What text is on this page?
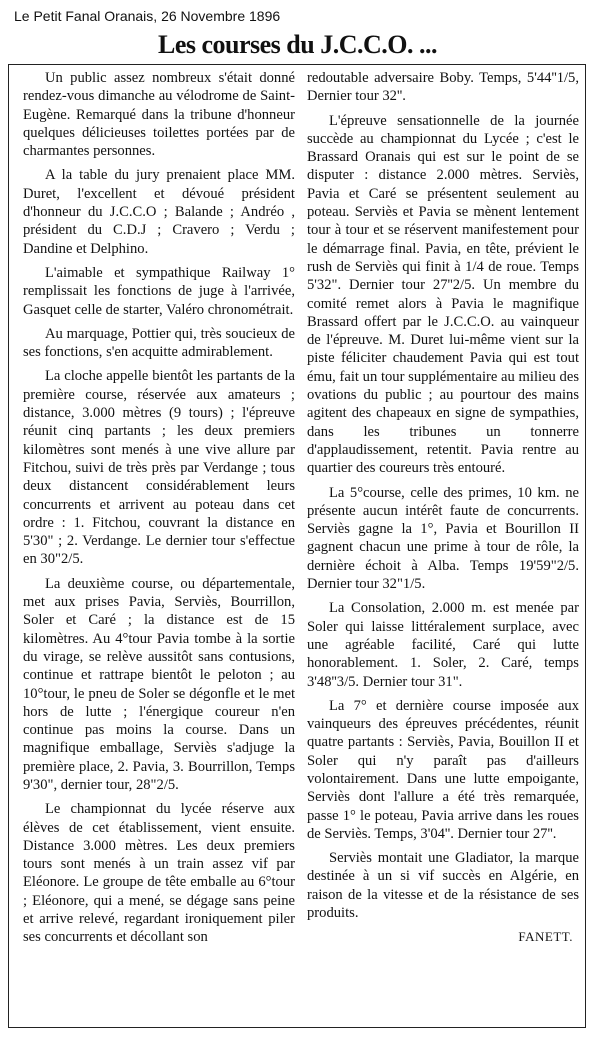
Le Petit Fanal Oranais, 26 Novembre 1896
Les courses du J.C.C.O. ...

Un public assez nombreux s'était donné rendez-vous dimanche au vélodrome de Saint-Eugène. Remarqué dans la tribune d'honneur quelques délicieuses toilettes portées par de charmantes personnes.

A la table du jury prenaient place MM. Duret, l'excellent et dévoué président d'honneur du J.C.C.O ; Balande ; Andréo , président du C.D.J ; Cravero ; Verdu ; Dandine et Delphino.

L'aimable et sympathique Railway 1° remplissait les fonctions de juge à l'arrivée, Gasquet celle de starter, Valéro chronométrait.

Au marquage, Pottier qui, très soucieux de ses fonctions, s'en acquitte admirablement.

La cloche appelle bientôt les partants de la première course, réservée aux amateurs ; distance, 3.000 mètres (9 tours) ; l'épreuve réunit cinq partants ; les deux premiers kilomètres sont menés à une vive allure par Fitchou, suivi de très près par Verdange ; tous deux distancent considérablement leurs concurrents et arrivent au poteau dans cet ordre : 1. Fitchou, couvrant la distance en 5'30" ; 2. Verdange. Le dernier tour s'effectue en 30"2/5.

La deuxième course, ou départementale, met aux prises Pavia, Serviès, Bourrillon, Soler et Caré ; la distance est de 15 kilomètres. Au 4°tour Pavia tombe à la sortie du virage, se relève aussitôt sans contusions, continue et rattrape bientôt le peloton ; au 10°tour, le pneu de Soler se dégonfle et le met hors de lutte ; l'énergique coureur n'en continue pas moins la course. Dans un magnifique emballage, Serviès s'adjuge la première place, 2. Pavia, 3. Bourrillon, Temps 9'30", dernier tour, 28"2/5.

Le championnat du lycée réserve aux élèves de cet établissement, vient ensuite. Distance 3.000 mètres. Les deux premiers tours sont menés à un train assez vif par Eléonore. Le groupe de tête emballe au 6°tour ; Eléonore, qui a mené, se dégage sans peine et arrive relevé, regardant ironiquement piler ses concurrents et décollant son

redoutable adversaire Boby. Temps, 5'44''1/5, Dernier tour 32''.

L'épreuve sensationnelle de la journée succède au championnat du Lycée ; c'est le Brassard Oranais qui est sur le point de se disputer : distance 2.000 mètres. Serviès, Pavia et Caré se présentent seulement au poteau. Serviès et Pavia se mènent lentement tour à tour et se réservent manifestement pour le démarrage final. Pavia, en tête, prévient le rush de Serviès qui finit à 1/4 de roue. Temps 5'32". Dernier tour 27''2/5. Un membre du comité remet alors à Pavia le magnifique Brassard offert par le J.C.C.O. au vainqueur de l'épreuve. M. Duret lui-même vient sur la piste féliciter chaudement Pavia qui est tout ému, fait un tour supplémentaire au milieu des ovations du public ; au pourtour des mains agitent des chapeaux en signe de sympathies, dans les tribunes un tonnerre d'applaudissement, retentit. Pavia rentre au quartier des coureurs très entouré.

La 5°course, celle des primes, 10 km. ne présente aucun intérêt faute de concurrents. Serviès gagne la 1°, Pavia et Bourillon II gagnent chacun une prime à tour de rôle, la dernière échoit à Alba. Temps 19'59"2/5. Dernier tour 32"1/5.

La Consolation, 2.000 m. est menée par Soler qui laisse littéralement surplace, avec une agréable facilité, Caré qui lutte honorablement. 1. Soler, 2. Caré, temps 3'48''3/5. Dernier tour 31".

La 7° et dernière course imposée aux vainqueurs des épreuves précédentes, réunit quatre partants : Serviès, Pavia, Bouillon II et Soler qui n'y paraît pas d'ailleurs volontairement. Dans une lutte empoigante, Serviès dont l'allure a été très remarquée, passe 1° le poteau, Pavia arrive dans les roues de Serviès. Temps, 3'04''. Dernier tour 27''.

Serviès montait une Gladiator, la marque destinée à un si vif succès en Algérie, en raison de la vitesse et de la résistance de ses produits.

FANETT.
